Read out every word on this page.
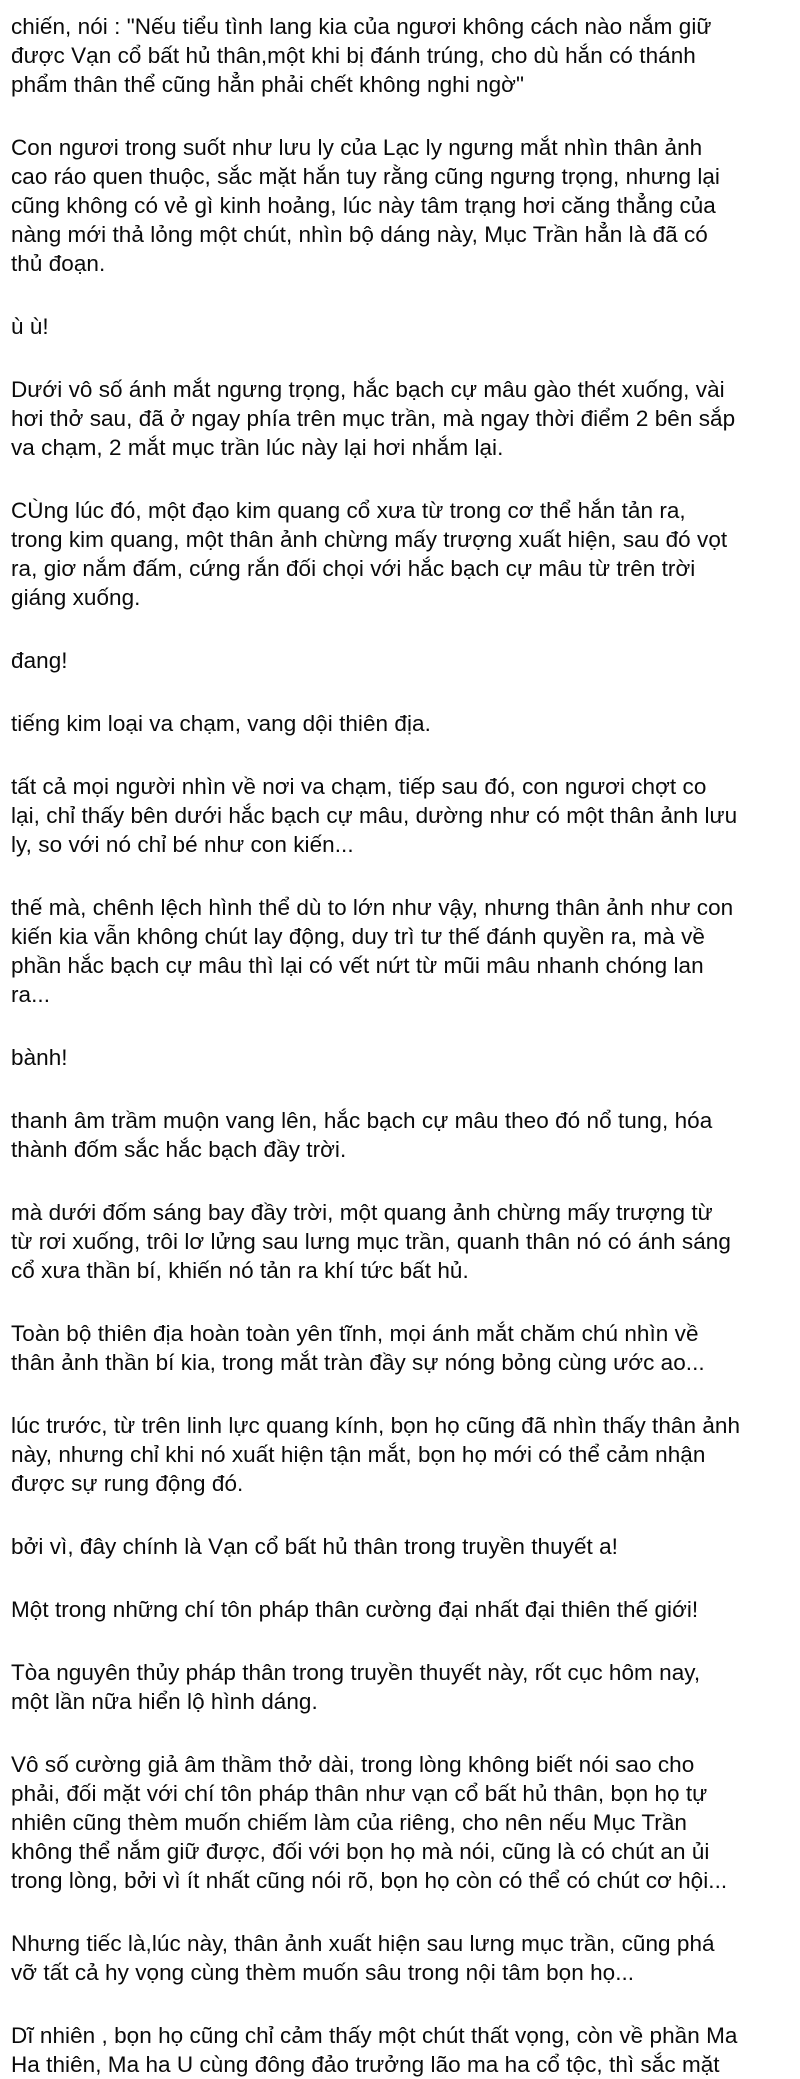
chiến, nói : "Nếu tiểu tình lang kia của ngươi không cách nào nắm giữ
được Vạn cổ bất hủ thân,một khi bị đánh trúng, cho dù hắn có thánh
phẩm thân thể cũng hẳn phải chết không nghi ngờ"
Con ngươi trong suốt như lưu ly của Lạc ly ngưng mắt nhìn thân ảnh
cao ráo quen thuộc, sắc mặt hắn tuy rằng cũng ngưng trọng, nhưng lại
cũng không có vẻ gì kinh hoảng, lúc này tâm trạng hơi căng thẳng của
nàng mới thả lỏng một chút, nhìn bộ dáng này, Mục Trần hẳn là đã có
thủ đoạn.
ù ù!
Dưới vô số ánh mắt ngưng trọng, hắc bạch cự mâu gào thét xuống, vài
hơi thở sau, đã ở ngay phía trên mục trần, mà ngay thời điểm 2 bên sắp
va chạm, 2 mắt mục trần lúc này lại hơi nhắm lại.
CÙng lúc đó, một đạo kim quang cổ xưa từ trong cơ thể hắn tản ra,
trong kim quang, một thân ảnh chừng mấy trượng xuất hiện, sau đó vọt
ra, giơ nắm đấm, cứng rắn đối chọi với hắc bạch cự mâu từ trên trời
giáng xuống.
đang!
tiếng kim loại va chạm, vang dội thiên địa.
tất cả mọi người nhìn về nơi va chạm, tiếp sau đó, con ngươi chợt co
lại, chỉ thấy bên dưới hắc bạch cự mâu, dường như có một thân ảnh lưu
ly, so với nó chỉ bé như con kiến...
thế mà, chênh lệch hình thể dù to lớn như vậy, nhưng thân ảnh như con
kiến kia vẫn không chút lay động, duy trì tư thế đánh quyền ra, mà về
phần hắc bạch cự mâu thì lại có vết nứt từ mũi mâu nhanh chóng lan
ra...
bành!
thanh âm trầm muộn vang lên, hắc bạch cự mâu theo đó nổ tung, hóa
thành đốm sắc hắc bạch đầy trời.
mà dưới đốm sáng bay đầy trời, một quang ảnh chừng mấy trượng từ
từ rơi xuống, trôi lơ lửng sau lưng mục trần, quanh thân nó có ánh sáng
cổ xưa thần bí, khiến nó tản ra khí tức bất hủ.
Toàn bộ thiên địa hoàn toàn yên tĩnh, mọi ánh mắt chăm chú nhìn về
thân ảnh thần bí kia, trong mắt tràn đầy sự nóng bỏng cùng ước ao...
lúc trước, từ trên linh lực quang kính, bọn họ cũng đã nhìn thấy thân ảnh
này, nhưng chỉ khi nó xuất hiện tận mắt, bọn họ mới có thể cảm nhận
được sự rung động đó.
bởi vì, đây chính là Vạn cổ bất hủ thân trong truyền thuyết a!
Một trong những chí tôn pháp thân cường đại nhất đại thiên thế giới!
Tòa nguyên thủy pháp thân trong truyền thuyết này, rốt cục hôm nay,
một lần nữa hiển lộ hình dáng.
Vô số cường giả âm thầm thở dài, trong lòng không biết nói sao cho
phải, đối mặt với chí tôn pháp thân như vạn cổ bất hủ thân, bọn họ tự
nhiên cũng thèm muốn chiếm làm của riêng, cho nên nếu Mục Trần
không thể nắm giữ được, đối với bọn họ mà nói, cũng là có chút an ủi
trong lòng, bởi vì ít nhất cũng nói rõ, bọn họ còn có thể có chút cơ hội...
Nhưng tiếc là,lúc này, thân ảnh xuất hiện sau lưng mục trần, cũng phá
vỡ tất cả hy vọng cùng thèm muốn sâu trong nội tâm bọn họ...
Dĩ nhiên , bọn họ cũng chỉ cảm thấy một chút thất vọng, còn về phần Ma
Ha thiên, Ma ha U cùng đông đảo trưởng lão ma ha cổ tộc, thì sắc mặt
